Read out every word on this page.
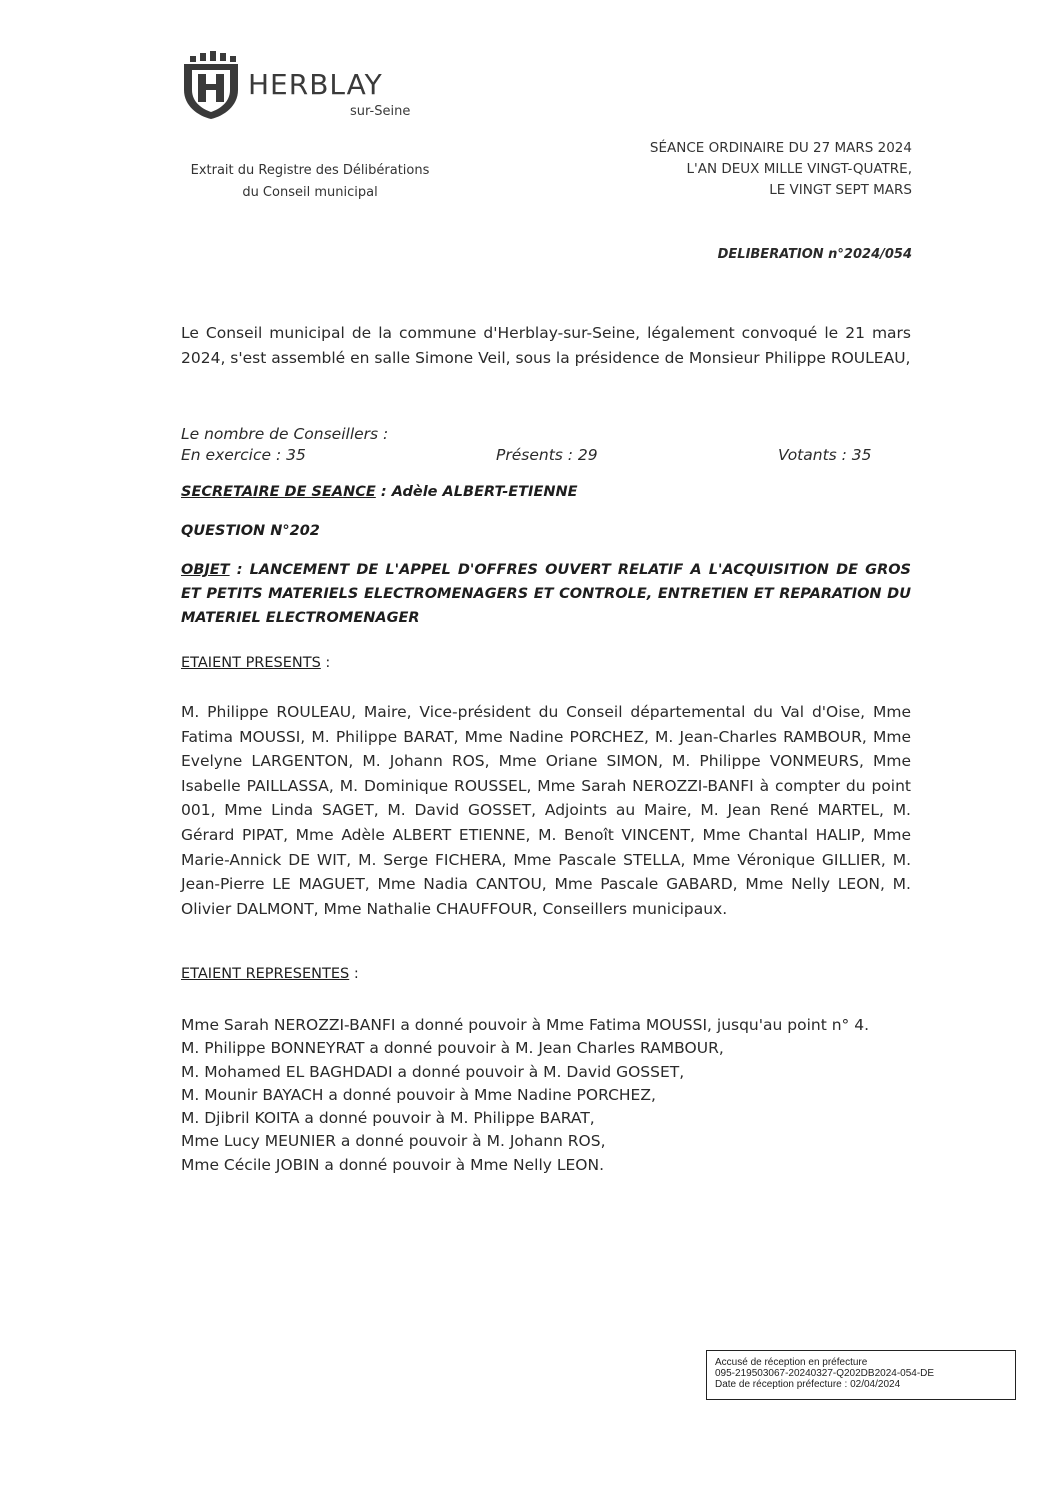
HERBLAY
sur-Seine
Extrait du Registre des Délibérations
du Conseil municipal
SÉANCE ORDINAIRE DU 27 MARS 2024
L'AN DEUX MILLE VINGT-QUATRE,
LE VINGT SEPT MARS
DELIBERATION n°2024/054
Le Conseil municipal de la commune d'Herblay-sur-Seine, légalement convoqué le 21 mars 2024, s'est assemblé en salle Simone Veil, sous la présidence de Monsieur Philippe ROULEAU,
Le nombre de Conseillers :
En exercice : 35	Présents : 29	Votants : 35
SECRETAIRE DE SEANCE : Adèle ALBERT-ETIENNE
QUESTION N°202
OBJET : LANCEMENT DE L'APPEL D'OFFRES OUVERT RELATIF A L'ACQUISITION DE GROS ET PETITS MATERIELS ELECTROMENAGERS ET CONTROLE, ENTRETIEN ET REPARATION DU MATERIEL ELECTROMENAGER
ETAIENT PRESENTS :
M. Philippe ROULEAU, Maire, Vice-président du Conseil départemental du Val d'Oise, Mme Fatima MOUSSI, M. Philippe BARAT, Mme Nadine PORCHEZ, M. Jean-Charles RAMBOUR, Mme Evelyne LARGENTON, M. Johann ROS, Mme Oriane SIMON, M. Philippe VONMEURS, Mme Isabelle PAILLASSA, M. Dominique ROUSSEL, Mme Sarah NEROZZI-BANFI à compter du point 001, Mme Linda SAGET, M. David GOSSET, Adjoints au Maire, M. Jean René MARTEL, M. Gérard PIPAT, Mme Adèle ALBERT ETIENNE, M. Benoît VINCENT, Mme Chantal HALIP, Mme Marie-Annick DE WIT, M. Serge FICHERA, Mme Pascale STELLA, Mme Véronique GILLIER, M. Jean-Pierre LE MAGUET, Mme Nadia CANTOU, Mme Pascale GABARD, Mme Nelly LEON, M. Olivier DALMONT, Mme Nathalie CHAUFFOUR, Conseillers municipaux.
ETAIENT REPRESENTES :
Mme Sarah NEROZZI-BANFI a donné pouvoir à Mme Fatima MOUSSI, jusqu'au point n° 4.
M. Philippe BONNEYRAT a donné pouvoir à M. Jean Charles RAMBOUR,
M. Mohamed EL BAGHDADI a donné pouvoir à M. David GOSSET,
M. Mounir BAYACH a donné pouvoir à Mme Nadine PORCHEZ,
M. Djibril KOITA a donné pouvoir à M. Philippe BARAT,
Mme Lucy MEUNIER a donné pouvoir à M. Johann ROS,
Mme Cécile JOBIN a donné pouvoir à Mme Nelly LEON.
Accusé de réception en préfecture
095-219503067-20240327-Q202DB2024-054-DE
Date de réception préfecture : 02/04/2024
